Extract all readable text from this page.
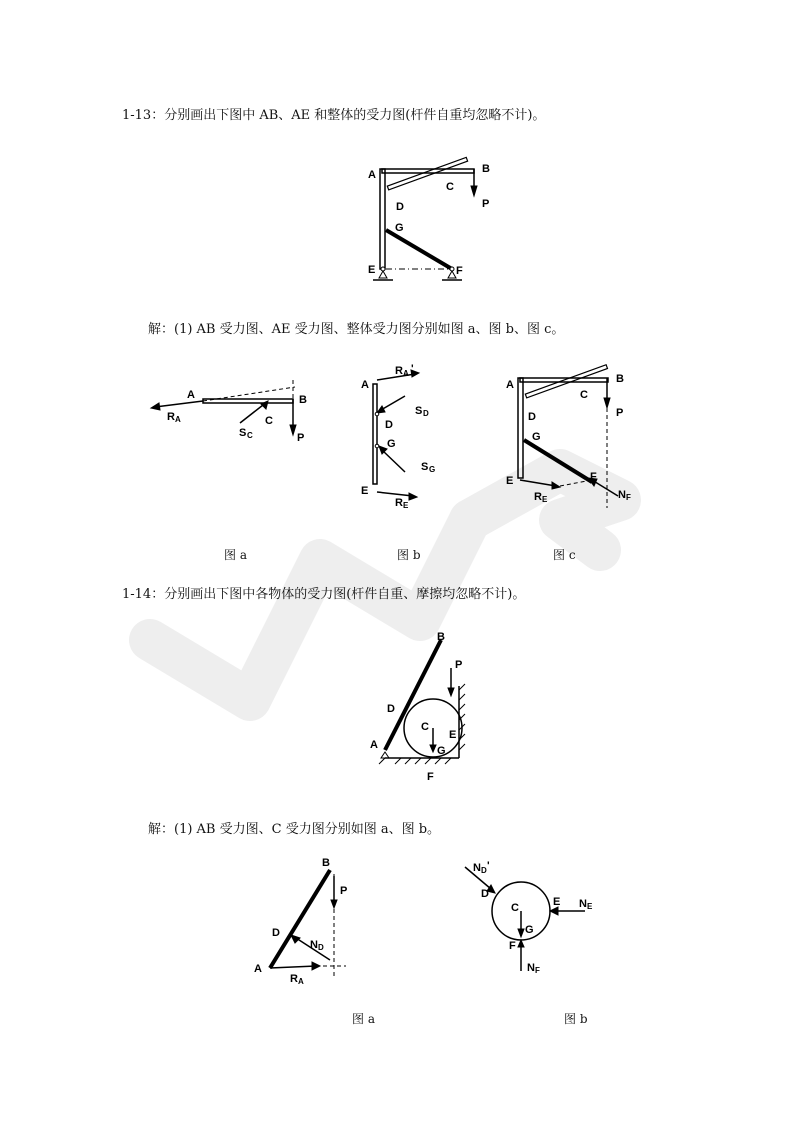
1-13：分别画出下图中 AB、AE 和整体的受力图(杆件自重均忽略不计)。
A	B
C
D
G
P
E	F
解：(1) AB 受力图、AE 受力图、整体受力图分别如图 a、图 b、图 c。
A	B
C
P
R A
S C
A
R A '
S D
D
G
S G
E
R E
A	B
C
D
G
P
E	F
R E	N F
图 a	图 b	图 c
1-14：分别画出下图中各物体的受力图(杆件自重、摩擦均忽略不计)。
B
P
D
C
E
G
A
F
解：(1) AB 受力图、C 受力图分别如图 a、图 b。
B
P
D
N D
A
R A
N D '
D
C	E N E
G
F
N F
图 a	图 b
